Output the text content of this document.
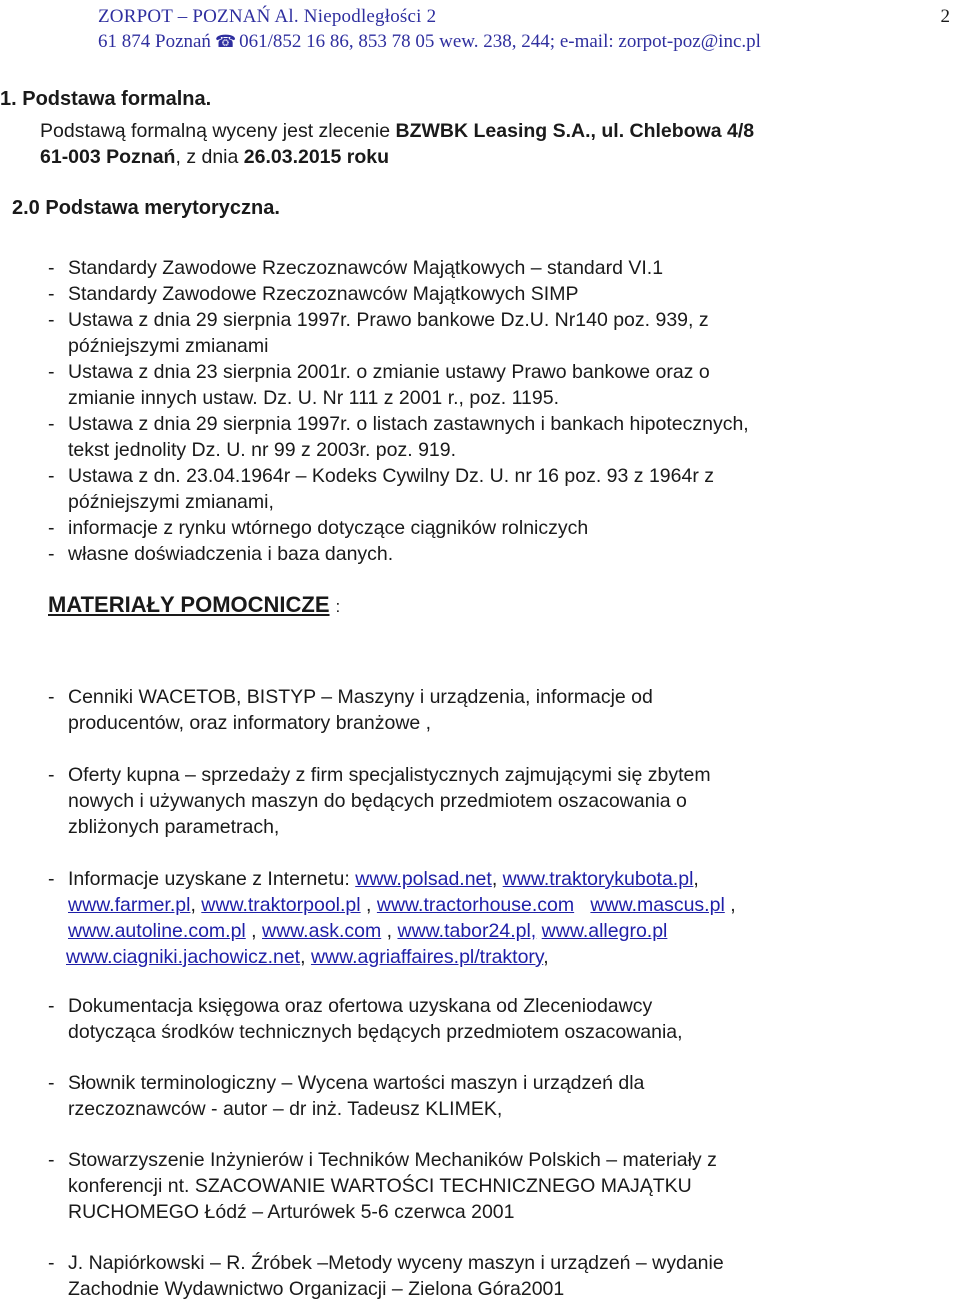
ZORPOT – POZNAŃ Al. Niepodległości 2
61 874 Poznań ☎ 061/852 16 86, 853 78 05 wew. 238, 244; e-mail: zorpot-poz@inc.pl
2
1. Podstawa formalna.
Podstawą formalną wyceny jest zlecenie BZWBK Leasing S.A., ul. Chlebowa 4/8
61-003 Poznań, z dnia 26.03.2015 roku
2.0 Podstawa merytoryczna.
- Standardy Zawodowe Rzeczoznawców Majątkowych – standard VI.1
- Standardy Zawodowe Rzeczoznawców Majątkowych SIMP
- Ustawa z dnia 29 sierpnia 1997r. Prawo bankowe Dz.U. Nr140 poz. 939, z
późniejszymi zmianami
- Ustawa z dnia 23 sierpnia 2001r. o zmianie ustawy Prawo bankowe oraz o
zmianie innych ustaw. Dz. U. Nr 111 z 2001 r., poz. 1195.
- Ustawa z dnia 29 sierpnia 1997r. o listach zastawnych i bankach hipotecznych,
tekst jednolity Dz. U. nr 99 z 2003r. poz. 919.
- Ustawa z dn. 23.04.1964r – Kodeks Cywilny Dz. U. nr 16 poz. 93 z 1964r z
późniejszymi zmianami,
- informacje z rynku wtórnego dotyczące ciągników rolniczych
- własne doświadczenia i baza danych.
MATERIAŁY POMOCNICZE :
- Cenniki WACETOB, BISTYP – Maszyny i urządzenia, informacje od
producentów, oraz informatory branżowe ,
- Oferty kupna – sprzedaży z firm specjalistycznych zajmującymi się zbytem
nowych i używanych maszyn do będących przedmiotem oszacowania o
zbliżonych parametrach,
- Informacje uzyskane z Internetu: www.polsad.net, www.traktorykubota.pl,
www.farmer.pl, www.traktorpool.pl , www.tractorhouse.com www.mascus.pl ,
www.autoline.com.pl , www.ask.com , www.tabor24.pl, www.allegro.pl
www.ciagniki.jachowicz.net, www.agriaffaires.pl/traktory,
- Dokumentacja księgowa oraz ofertowa uzyskana od Zleceniodawcy
dotycząca środków technicznych będących przedmiotem oszacowania,
- Słownik terminologiczny – Wycena wartości maszyn i urządzeń dla
rzeczoznawców - autor – dr inż. Tadeusz KLIMEK,
- Stowarzyszenie Inżynierów i Techników Mechaników Polskich – materiały z
konferencji nt. SZACOWANIE WARTOŚCI TECHNICZNEGO MAJĄTKU
RUCHOMEGO Łódź – Arturówek 5-6 czerwca 2001
- J. Napiórkowski – R. Źróbek –Metody wyceny maszyn i urządzeń – wydanie
Zachodnie Wydawnictwo Organizacji – Zielona Góra2001
